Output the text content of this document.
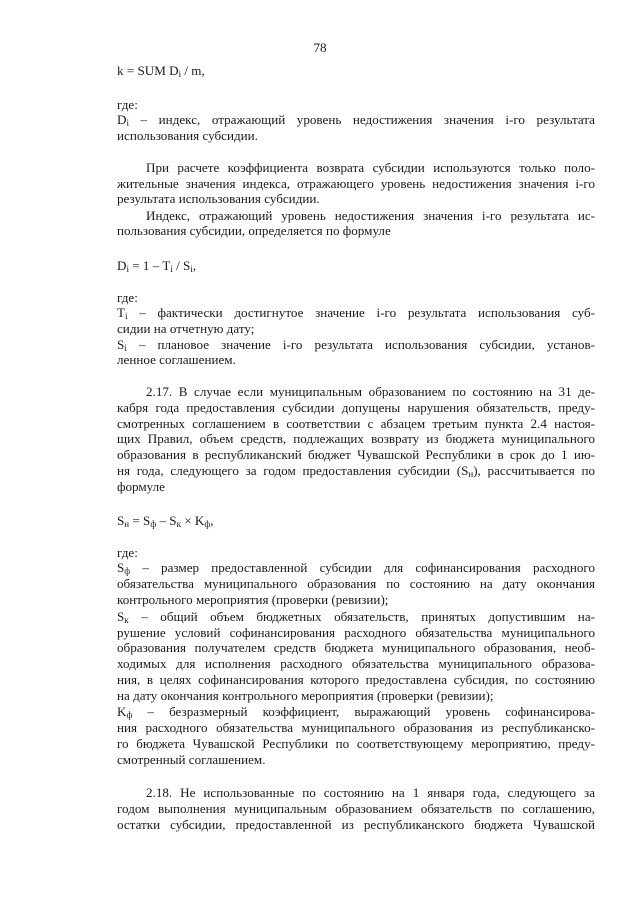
78
k = SUM $D_i$ / m,
где:
$D_i$ – индекс, отражающий уровень недостижения значения i-го результата
использования субсидии.
При расчете коэффициента возврата субсидии используются только поло-
жительные значения индекса, отражающего уровень недостижения значения i-го
результата использования субсидии.
Индекс, отражающий уровень недостижения значения i-го результата ис-
пользования субсидии, определяется по формуле
$D_i = 1 - T_i / S_i$,
где:
$T_i$ – фактически достигнутое значение i-го результата использования суб-
сидии на отчетную дату;
$S_i$ – плановое значение i-го результата использования субсидии, установ-
ленное соглашением.
2.17. В случае если муниципальным образованием по состоянию на 31 де-
кабря года предоставления субсидии допущены нарушения обязательств, преду-
смотренных соглашением в соответствии с абзацем третьим пункта 2.4 настоя-
щих Правил, объем средств, подлежащих возврату из бюджета муниципального
образования в республиканский бюджет Чувашской Республики в срок до 1 ию-
ня года, следующего за годом предоставления субсидии $(S_н)$, рассчитывается по
формуле
$S_н = S_ф - S_к \times K_ф$,
где:
$S_ф$ – размер предоставленной субсидии для софинансирования расходного
обязательства муниципального образования по состоянию на дату окончания
контрольного мероприятия (проверки (ревизии);
$S_к$ – общий объем бюджетных обязательств, принятых допустившим на-
рушение условий софинансирования расходного обязательства муниципального
образования получателем средств бюджета муниципального образования, необ-
ходимых для исполнения расходного обязательства муниципального образова-
ния, в целях софинансирования которого предоставлена субсидия, по состоянию
на дату окончания контрольного мероприятия (проверки (ревизии);
$K_ф$ – безразмерный коэффициент, выражающий уровень софинансирова-
ния расходного обязательства муниципального образования из республиканско-
го бюджета Чувашской Республики по соответствующему мероприятию, преду-
смотренный соглашением.
2.18. Не использованные по состоянию на 1 января года, следующего за
годом выполнения муниципальным образованием обязательств по соглашению,
остатки субсидии, предоставленной из республиканского бюджета Чувашской
